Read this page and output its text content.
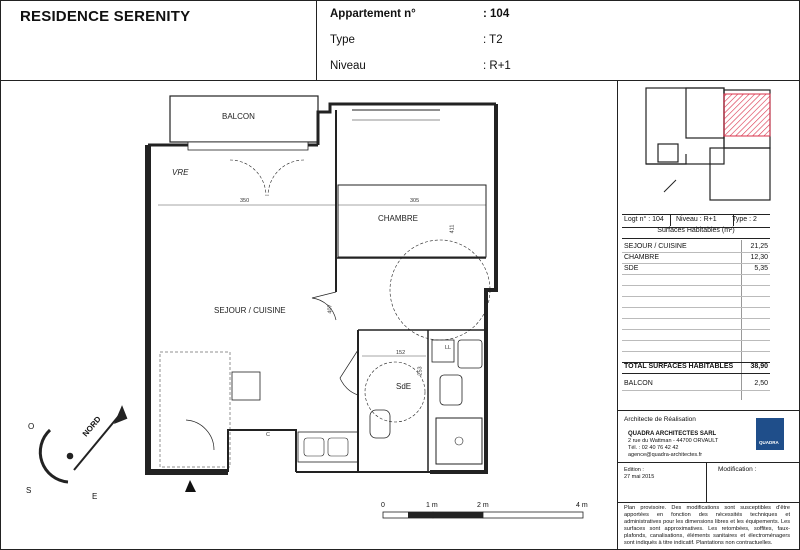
RESIDENCE SERENITY	Appartement n°	: 104
Type	: T2
Niveau	: R+1
BALCON
CHAMBRE
SEJOUR / CUISINE
SdE
VRE
LL
C
350	305
411
407
152
253
O	NORD
S
E
0	1 m	2 m	4 m
Logt n° : 104 Niveau : R+1 Type : 2
Surfaces Habitables (m²)
SEJOUR / CUISINE	21,25
CHAMBRE	12,30
SDE	5,35
TOTAL SURFACES HABITABLES 38,90
BALCON	2,50
Architecte de Réalisation
QUADRA ARCHITECTES SARL
2 rue du Wattman - 44700 ORVAULT
Tél. : 02 40 76 42 42
agence@quadra-architectes.fr
QUADRA
Edition :
27 mai 2015
Modification :
Plan provisoire. Des modifications sont susceptibles d'être apportées en fonction des nécessités techniques et administratives pour les dimensions libres et les équipements. Les surfaces sont approximatives. Les retombées, soffites, faux-plafonds, canalisations, éléments sanitaires et électroménagers sont indiqués à titre indicatif. Plantations non contractuelles.
